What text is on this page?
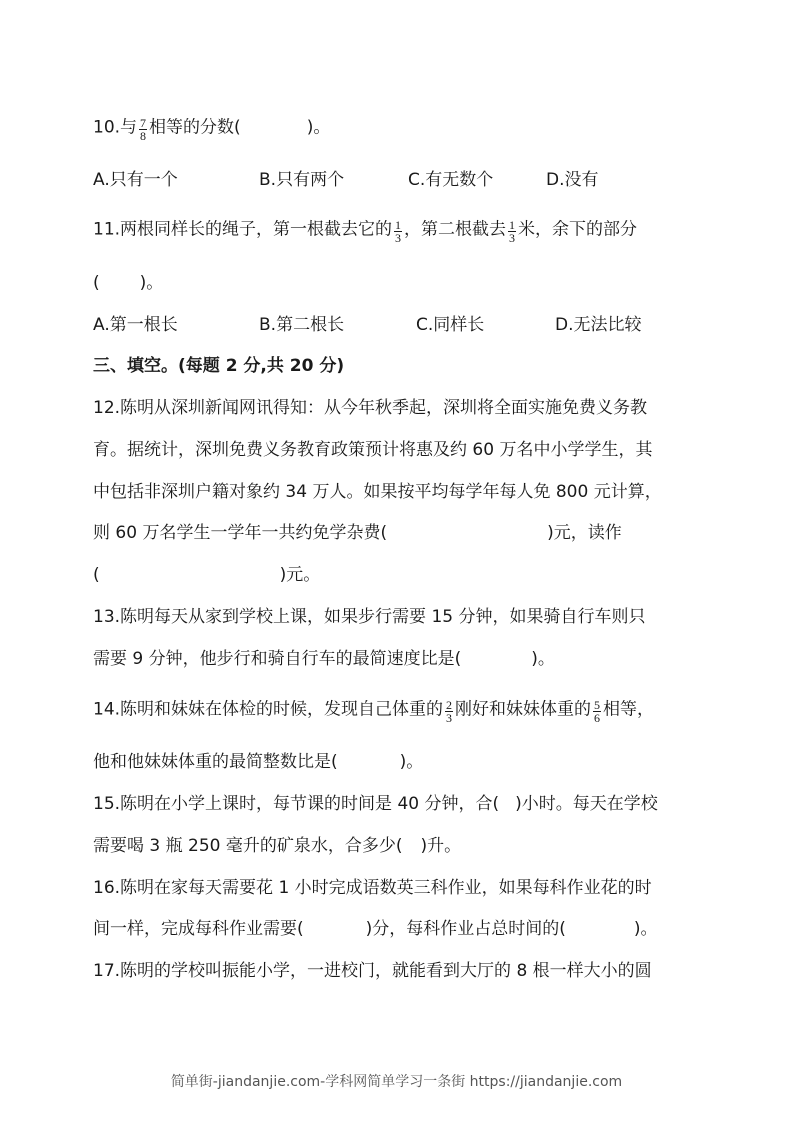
10.与 $\frac{7}{8}$ 相等的分数(	)。
A.只有一个	B.只有两个	C.有无数个	D.没有
11.两根同样长的绳子，第一根截去它的 $\frac{1}{3}$ ，第二根截去 $\frac{1}{3}$ 米，余下的部分
( )。
A.第一根长	B.第二根长	C.同样长	D.无法比较
三、填空。(每题 2 分,共 20 分)
12.陈明从深圳新闻网讯得知：从今年秋季起，深圳将全面实施免费义务教
育。据统计，深圳免费义务教育政策预计将惠及约 60 万名中小学学生，其
中包括非深圳户籍对象约 34 万人。如果按平均每学年每人免 800 元计算，
则 60 万名学生一学年一共约免学杂费(	)元，读作
(	)元。
13.陈明每天从家到学校上课，如果步行需要 15 分钟，如果骑自行车则只
需要 9 分钟，他步行和骑自行车的最简速度比是(	)。
14.陈明和妹妹在体检的时候，发现自己体重的 $\frac{2}{3}$ 刚好和妹妹体重的 $\frac{5}{6}$ 相等，
他和他妹妹体重的最简整数比是(	)。
15.陈明在小学上课时，每节课的时间是 40 分钟，合( )小时。每天在学校
需要喝 3 瓶 250 毫升的矿泉水，合多少( )升。
16.陈明在家每天需要花 1 小时完成语数英三科作业，如果每科作业花的时
间一样，完成每科作业需要(	)分，每科作业占总时间的(	)。
17.陈明的学校叫振能小学，一进校门，就能看到大厅的 8 根一样大小的圆
简单街-jiandanjie.com-学科网简单学习一条街 https://jiandanjie.com
